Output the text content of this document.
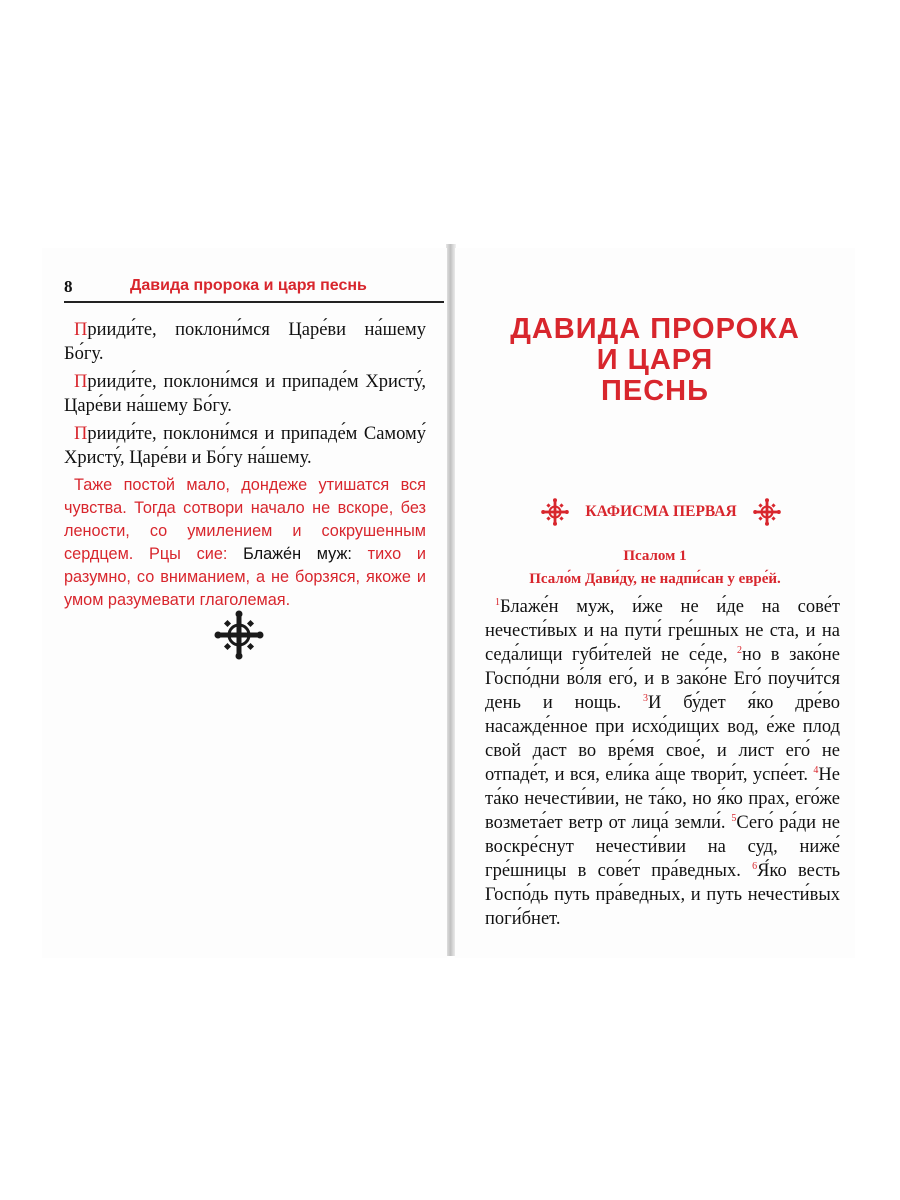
8	Давида пророка и царя песнь

Прииди́те, поклони́мся Царе́ви на́шему Бо́гу.

Прииди́те, поклони́мся и припаде́м Христу́, Царе́ви на́шему Бо́гу.

Прииди́те, поклони́мся и припаде́м Самому́ Христу́, Царе́ви и Бо́гу на́шему.

Таже постой мало, дондеже утишатся вся чувства. Тогда сотвори начало не вскоре, без лености, со умилением и сокрушенным сердцем. Рцы сие: Блаже́н муж: тихо и разумно, со вниманием, а не борзяся, якоже и умом разумевати глаголемая.

ДАВИДА ПРОРОКА
И ЦАРЯ
ПЕСНЬ
КАФИСМА ПЕРВАЯ
Псалом 1
Псало́м Дави́ду, не надпи́сан у евре́й.

$^1$Блаже́н муж, и́же не и́де на сове́т нечести́вых и на пути́ гре́шных не ста, и на седа́лищи губи́телей не се́де, $^2$но в зако́не Госпо́дни во́ля его́, и в зако́не Его́ поучи́тся день и нощь. $^3$И бу́дет я́ко дре́во насажде́нное при исхо́дищих вод, е́же плод свой даст во вре́мя свое́, и лист его́ не отпаде́т, и вся, ели́ка а́ще твори́т, успе́ет. $^4$Не та́ко нечести́вии, не та́ко, но я́ко прах, его́же возмета́ет ветр от лица́ земли́. $^5$Сего́ ра́ди не воскре́снут нечести́вии на суд, ниже́ гре́шницы в сове́т пра́ведных. $^6$Я́ко весть Госпо́дь путь пра́ведных, и путь нечести́вых поги́бнет.
